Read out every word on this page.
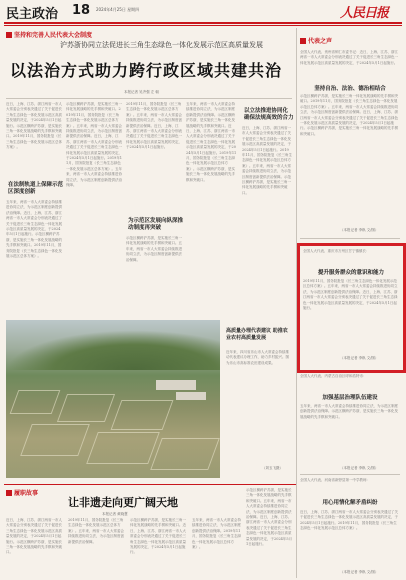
民主政治 18 2024年4月25日 星期四	人民日报
坚持和完善人民代表大会制度
沪苏浙协同立法促进长三角生态绿色一体化发展示范区高质量发展
以法治方式助力跨行政区域共建共治
本报记者 吴齐强 左 朝
近日，上海、江苏、浙江两省一市人大常委会分别表决通过了关于促进长三角生态绿色一体化发展示范区高质量发展的决定，于2024年5月1日起施行。示范区横跨沪苏浙，是实施长三角一体化发展战略的先手棋和突破口。2019年11月，国务院批复《长三角生态绿色一体化发展示范区总体方案》。
在法制轨道上保障示范区深度创新
五年来，两省一市人大常委会持续推进协同立法，为示范区制度创新提供法治保障。近日，上海、江苏、浙江两省一市人大常委会分别表决通过了关于促进长三角生态绿色一体化发展示范区高质量发展的决定，于2024年5月1日起施行。示范区横跨沪苏浙，是实施长三角一体化发展战略的先手棋和突破口。2019年11月，国务院批复《长三角生态绿色一体化发展示范区总体方案》。
示范区横跨沪苏浙，是实施长三角一体化发展战略的先手棋和突破口。2019年11月，国务院批复《长三角生态绿色一体化发展示范区总体方案》。五年来，两省一市人大常委会持续推进协同立法，为示范区制度创新提供法治保障。近日，上海、江苏、浙江两省一市人大常委会分别表决通过了关于促进长三角生态绿色一体化发展示范区高质量发展的决定，于2024年5月1日起施行。2019年11月，国务院批复《长三角生态绿色一体化发展示范区总体方案》。五年来，两省一市人大常委会持续推进协同立法，为示范区制度创新提供法治保障。
2019年11月，国务院批复《长三角生态绿色一体化发展示范区总体方案》。五年来，两省一市人大常委会持续推进协同立法，为示范区制度创新提供法治保障。近日，上海、江苏、浙江两省一市人大常委会分别表决通过了关于促进长三角生态绿色一体化发展示范区高质量发展的决定，于2024年5月1日起施行。
为示范区发展向纵深推动制度再突破
示范区横跨沪苏浙，是实施长三角一体化发展战略的先手棋和突破口。五年来，两省一市人大常委会持续推进协同立法，为示范区制度创新提供法治保障。
五年来，两省一市人大常委会持续推进协同立法，为示范区制度创新提供法治保障。示范区横跨沪苏浙，是实施长三角一体化发展战略的先手棋和突破口。近日，上海、江苏、浙江两省一市人大常委会分别表决通过了关于促进长三角生态绿色一体化发展示范区高质量发展的决定，于2024年5月1日起施行。2019年11月，国务院批复《长三角生态绿色一体化发展示范区总体方案》。示范区横跨沪苏浙，是实施长三角一体化发展战略的先手棋和突破口。
以立法推进协同化 确保法规高效的合力
近日，上海、江苏、浙江两省一市人大常委会分别表决通过了关于促进长三角生态绿色一体化发展示范区高质量发展的决定，于2024年5月1日起施行。2019年11月，国务院批复《长三角生态绿色一体化发展示范区总体方案》。五年来，两省一市人大常委会持续推进协同立法，为示范区制度创新提供法治保障。示范区横跨沪苏浙，是实施长三角一体化发展战略的先手棋和突破口。
高质量办理代表建议 助推农业农村高质量发展
近年来，四川省乐山市人大常委会持续推动代表建议办理工作，助力乡村振兴。图为乐山市高标准农田建设成果。
（刘玉飞摄）
履职故事
让非遗走向更广阔天地
本报记者 黄晓慧
近日，上海、江苏、浙江两省一市人大常委会分别表决通过了关于促进长三角生态绿色一体化发展示范区高质量发展的决定，于2024年5月1日起施行。示范区横跨沪苏浙，是实施长三角一体化发展战略的先手棋和突破口。
2019年11月，国务院批复《长三角生态绿色一体化发展示范区总体方案》。五年来，两省一市人大常委会持续推进协同立法，为示范区制度创新提供法治保障。
示范区横跨沪苏浙，是实施长三角一体化发展战略的先手棋和突破口。近日，上海、江苏、浙江两省一市人大常委会分别表决通过了关于促进长三角生态绿色一体化发展示范区高质量发展的决定，于2024年5月1日起施行。
五年来，两省一市人大常委会持续推进协同立法，为示范区制度创新提供法治保障。2019年11月，国务院批复《长三角生态绿色一体化发展示范区总体方案》。
示范区横跨沪苏浙，是实施长三角一体化发展战略的先手棋和突破口。五年来，两省一市人大常委会持续推进协同立法，为示范区制度创新提供法治保障。近日，上海、江苏、浙江两省一市人大常委会分别表决通过了关于促进长三角生态绿色一体化发展示范区高质量发展的决定，于2024年5月1日起施行。
代表之声
全国人大代表、贵州省铜仁市委书记：近日，上海、江苏、浙江两省一市人大常委会分别表决通过了关于促进长三角生态绿色一体化发展示范区高质量发展的决定，于2024年5月1日起施行。
坚持自治、法治、德治相结合
示范区横跨沪苏浙，是实施长三角一体化发展战略的先手棋和突破口。2019年11月，国务院批复《长三角生态绿色一体化发展示范区总体方案》。五年来，两省一市人大常委会持续推进协同立法，为示范区制度创新提供法治保障。近日，上海、江苏、浙江两省一市人大常委会分别表决通过了关于促进长三角生态绿色一体化发展示范区高质量发展的决定，于2024年5月1日起施行。示范区横跨沪苏浙，是实施长三角一体化发展战略的先手棋和突破口。
（本报记者 李纵 文/图）
全国人大代表、重庆市万州区甘宁镇镇长：
提升服务群众的意识和能力
2019年11月，国务院批复《长三角生态绿色一体化发展示范区总体方案》。五年来，两省一市人大常委会持续推进协同立法，为示范区制度创新提供法治保障。近日，上海、江苏、浙江两省一市人大常委会分别表决通过了关于促进长三角生态绿色一体化发展示范区高质量发展的决定，于2024年5月1日起施行。
（本报记者 李纵 文/图）
全国人大代表、内蒙古自治区呼和浩特市：
加强基层治理队伍建设
五年来，两省一市人大常委会持续推进协同立法，为示范区制度创新提供法治保障。示范区横跨沪苏浙，是实施长三角一体化发展战略的先手棋和突破口。
（本报记者 李纵 文/图）
全国人大代表、河南省新野县第一中学教师：
用心用情化解矛盾纠纷
近日，上海、江苏、浙江两省一市人大常委会分别表决通过了关于促进长三角生态绿色一体化发展示范区高质量发展的决定，于2024年5月1日起施行。2019年11月，国务院批复《长三角生态绿色一体化发展示范区总体方案》。
（本报记者 李纵 文/图）
